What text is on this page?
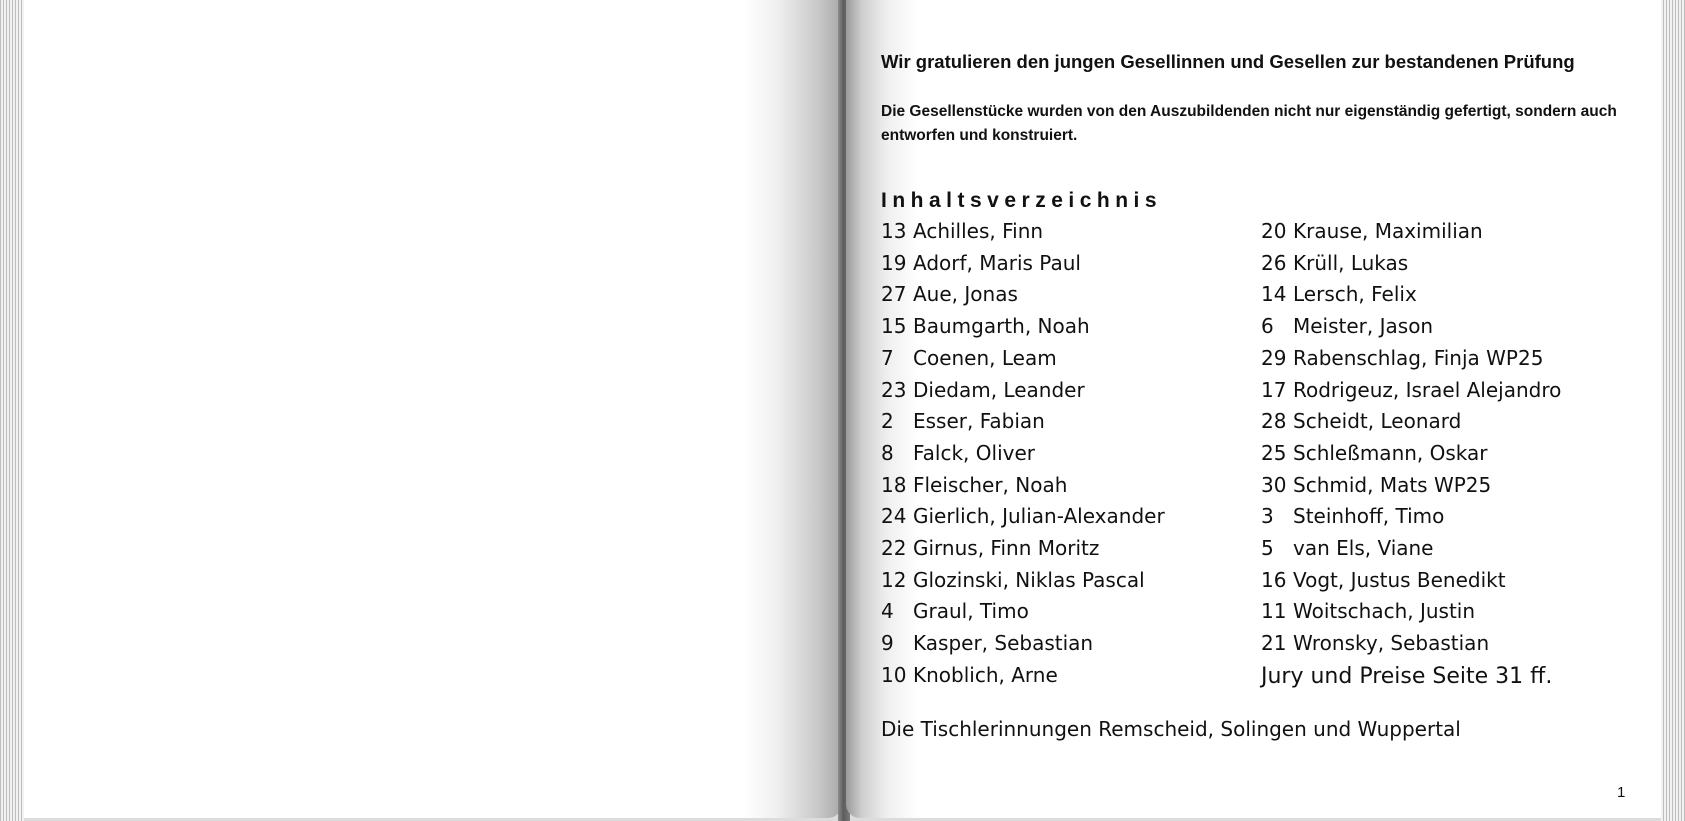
Wir gratulieren den jungen Gesellinnen und Gesellen zur bestandenen Prüfung

Die Gesellenstücke wurden von den Auszubildenden nicht nur eigenständig gefertigt, sondern auch entworfen und konstruiert.

Inhaltsverzeichnis
13 Achilles, Finn
19 Adorf, Maris Paul
27 Aue, Jonas
15 Baumgarth, Noah
7 Coenen, Leam
23 Diedam, Leander
2 Esser, Fabian
8 Falck, Oliver
18 Fleischer, Noah
24 Gierlich, Julian-Alexander
22 Girnus, Finn Moritz
12 Glozinski, Niklas Pascal
4 Graul, Timo
9 Kasper, Sebastian
10 Knoblich, Arne
20 Krause, Maximilian
26 Krüll, Lukas
14 Lersch, Felix
6 Meister, Jason
29 Rabenschlag, Finja WP25
17 Rodrigeuz, Israel Alejandro
28 Scheidt, Leonard
25 Schleßmann, Oskar
30 Schmid, Mats WP25
3 Steinhoff, Timo
5 van Els, Viane
16 Vogt, Justus Benedikt
11 Woitschach, Justin
21 Wronsky, Sebastian
Jury und Preise Seite 31 ff.
Die Tischlerinnungen Remscheid, Solingen und Wuppertal
1
